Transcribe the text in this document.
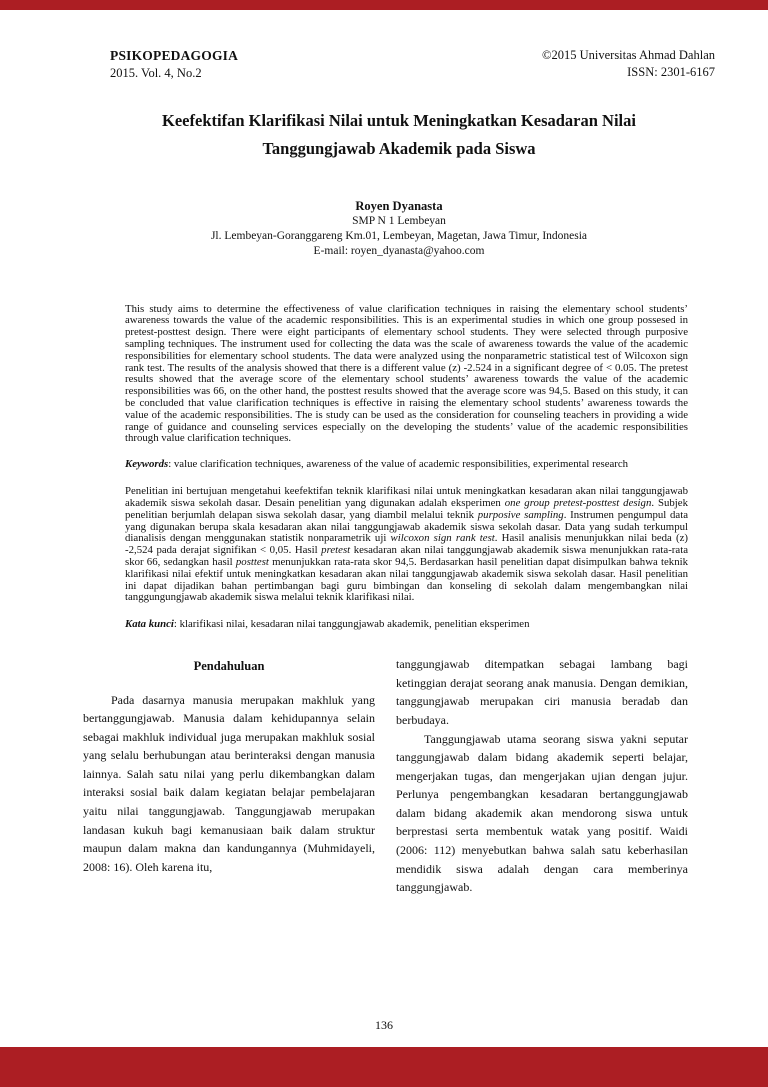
PSIKOPEDAGOGIA
2015. Vol. 4, No.2
©2015 Universitas Ahmad Dahlan
ISSN: 2301-6167
Keefektifan Klarifikasi Nilai untuk Meningkatkan Kesadaran Nilai
Tanggungjawab Akademik pada Siswa
Royen Dyanasta
SMP N 1 Lembeyan
Jl. Lembeyan-Goranggareng Km.01, Lembeyan, Magetan, Jawa Timur, Indonesia
E-mail: royen_dyanasta@yahoo.com

This study aims to determine the effectiveness of value clarification techniques in raising the elementary school students’ awareness towards the value of the academic responsibilities. This is an experimental studies in which one group possesed in pretest-posttest design. There were eight participants of elementary school students. They were selected through purposive sampling techniques. The instrument used for collecting the data was the scale of awareness towards the value of the academic responsibilities for elementary school students. The data were analyzed using the nonparametric statistical test of Wilcoxon sign rank test. The results of the analysis showed that there is a different value (z) -2.524 in a significant degree of < 0.05. The pretest results showed that the average score of the elementary school students’ awareness towards the value of the academic responsibilities was 66, on the other hand, the posttest results showed that the average score was 94,5. Based on this study, it can be concluded that value clarification techniques is effective in raising the elementary school students’ awareness towards the value of the academic responsibilities. The is study can be used as the consideration for counseling teachers in providing a wide range of guidance and counseling services especially on the developing the students’ value of the academic responsibilities through value clarification techniques.

Keywords: value clarification techniques, awareness of the value of academic responsibilities, experimental research

Penelitian ini bertujuan mengetahui keefektifan teknik klarifikasi nilai untuk meningkatkan kesadaran akan nilai tanggungjawab akademik siswa sekolah dasar. Desain penelitian yang digunakan adalah eksperimen one group pretest-posttest design. Subjek penelitian berjumlah delapan siswa sekolah dasar, yang diambil melalui teknik purposive sampling. Instrumen pengumpul data yang digunakan berupa skala kesadaran akan nilai tanggungjawab akademik siswa sekolah dasar. Data yang sudah terkumpul dianalisis dengan menggunakan statistik nonparametrik uji wilcoxon sign rank test. Hasil analisis menunjukkan nilai beda (z) -2,524 pada derajat signifikan < 0,05. Hasil pretest kesadaran akan nilai tanggungjawab akademik siswa menunjukkan rata-rata skor 66, sedangkan hasil posttest menunjukkan rata-rata skor 94,5. Berdasarkan hasil penelitian dapat disimpulkan bahwa teknik klarifikasi nilai efektif untuk meningkatkan kesadaran akan nilai tanggungjawab akademik siswa sekolah dasar. Hasil penelitian ini dapat dijadikan bahan pertimbangan bagi guru bimbingan dan konseling di sekolah dalam mengembangkan nilai tanggungungjawab akademik siswa melalui teknik klarifikasi nilai.

Kata kunci: klarifikasi nilai, kesadaran nilai tanggungjawab akademik, penelitian eksperimen

Pendahuluan

Pada dasarnya manusia merupakan makhluk yang bertanggungjawab. Manusia dalam kehidupannya selain sebagai makhluk individual juga merupakan makhluk sosial yang selalu berhubungan atau berinteraksi dengan manusia lainnya. Salah satu nilai yang perlu dikembangkan dalam interaksi sosial baik dalam kegiatan belajar pembelajaran yaitu nilai tanggungjawab. Tanggungjawab merupakan landasan kukuh bagi kemanusiaan baik dalam struktur maupun dalam makna dan kandungannya (Muhmidayeli, 2008: 16). Oleh karena itu,

tanggungjawab ditempatkan sebagai lambang bagi ketinggian derajat seorang anak manusia. Dengan demikian, tanggungjawab merupakan ciri manusia beradab dan berbudaya.

Tanggungjawab utama seorang siswa yakni seputar tanggungjawab dalam bidang akademik seperti belajar, mengerjakan tugas, dan mengerjakan ujian dengan jujur. Perlunya pengembangkan kesadaran bertanggungjawab dalam bidang akademik akan mendorong siswa untuk berprestasi serta membentuk watak yang positif. Waidi (2006: 112) menyebutkan bahwa salah satu keberhasilan mendidik siswa adalah dengan cara memberinya tanggungjawab.

136
